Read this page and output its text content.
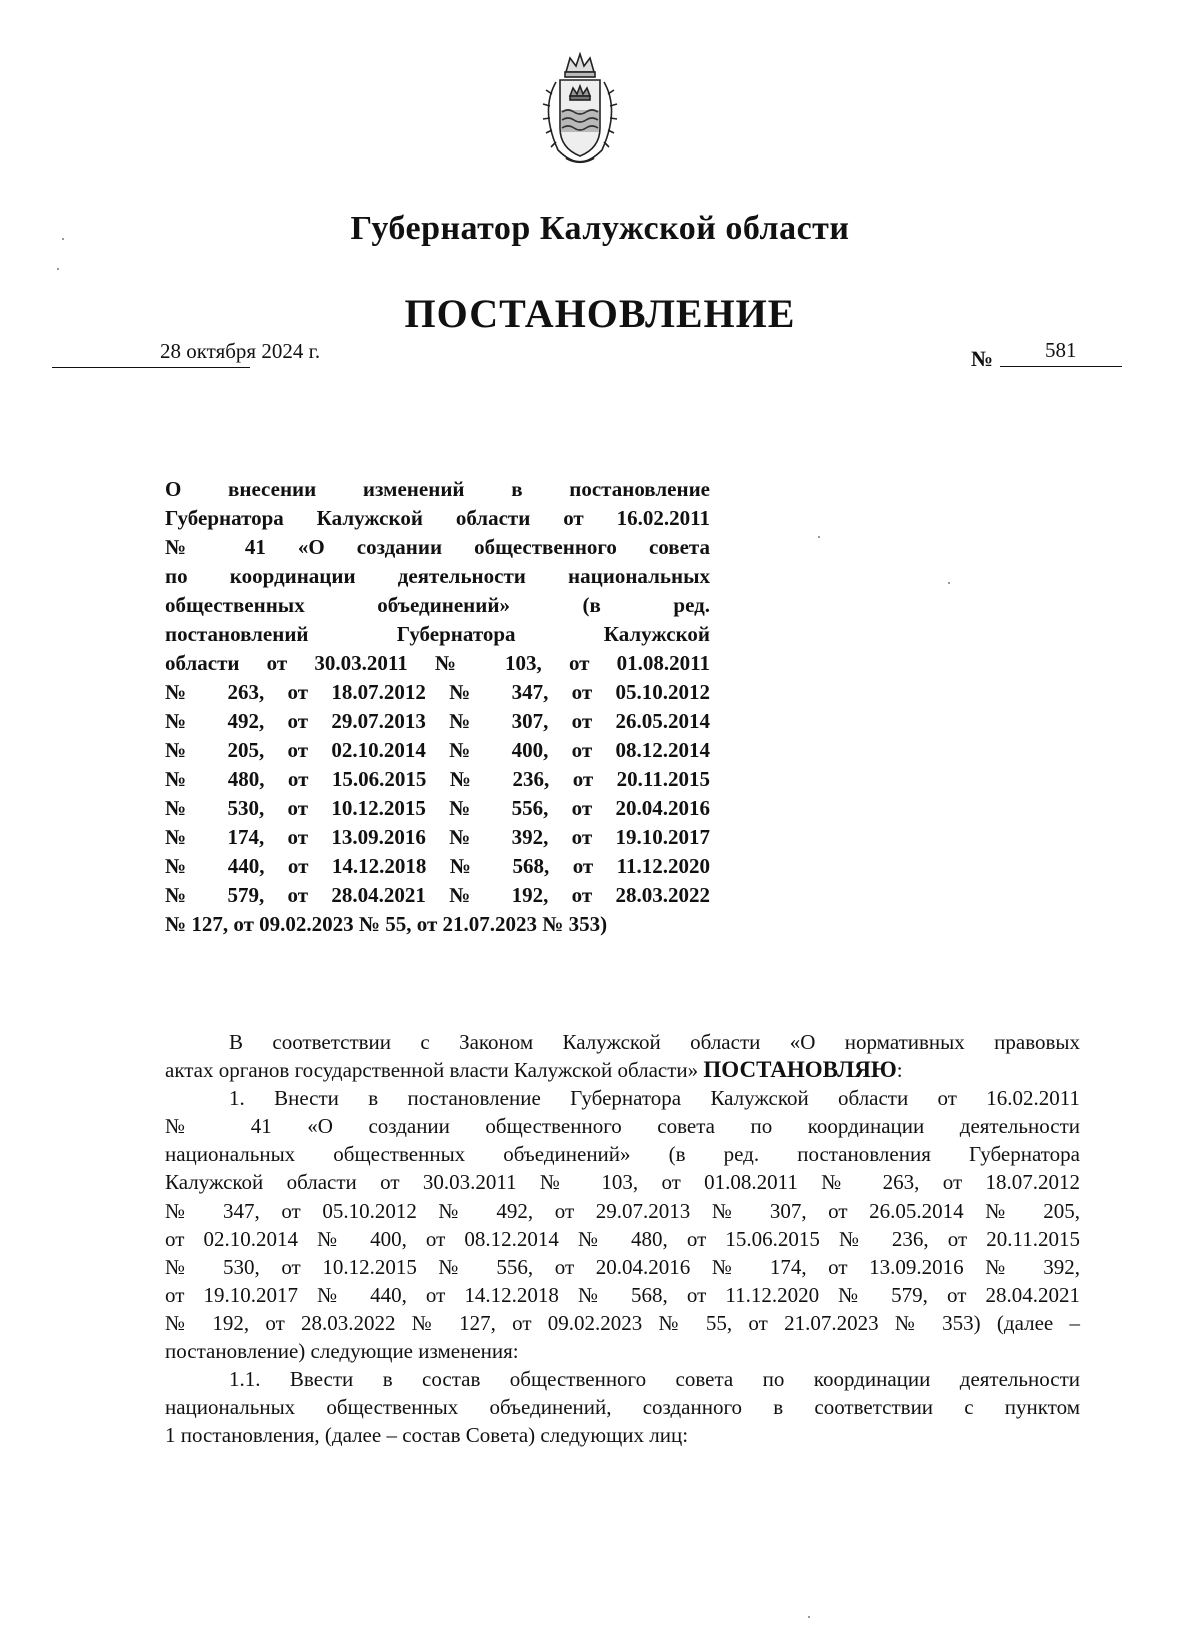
Губернатор Калужской области
ПОСТАНОВЛЕНИЕ
28 октября 2024 г.	№ 581

О внесении изменений в постановление

Губернатора Калужской области от 16.02.2011

№ 41 «О создании общественного совета

по координации деятельности национальных

общественных объединений» (в ред.

постановлений Губернатора Калужской

области от 30.03.2011 № 103, от 01.08.2011

№ 263, от 18.07.2012 № 347, от 05.10.2012

№ 492, от 29.07.2013 № 307, от 26.05.2014

№ 205, от 02.10.2014 № 400, от 08.12.2014

№ 480, от 15.06.2015 № 236, от 20.11.2015

№ 530, от 10.12.2015 № 556, от 20.04.2016

№ 174, от 13.09.2016 № 392, от 19.10.2017

№ 440, от 14.12.2018 № 568, от 11.12.2020

№ 579, от 28.04.2021 № 192, от 28.03.2022

№ 127, от 09.02.2023 № 55, от 21.07.2023 № 353)

В соответствии с Законом Калужской области «О нормативных правовых

актах органов государственной власти Калужской области» ПОСТАНОВЛЯЮ:

1. Внести в постановление Губернатора Калужской области от 16.02.2011

№ 41 «О создании общественного совета по координации деятельности

национальных общественных объединений» (в ред. постановления Губернатора

Калужской области от 30.03.2011 № 103, от 01.08.2011 № 263, от 18.07.2012

№ 347, от 05.10.2012 № 492, от 29.07.2013 № 307, от 26.05.2014 № 205,

от 02.10.2014 № 400, от 08.12.2014 № 480, от 15.06.2015 № 236, от 20.11.2015

№ 530, от 10.12.2015 № 556, от 20.04.2016 № 174, от 13.09.2016 № 392,

от 19.10.2017 № 440, от 14.12.2018 № 568, от 11.12.2020 № 579, от 28.04.2021

№ 192, от 28.03.2022 № 127, от 09.02.2023 № 55, от 21.07.2023 № 353) (далее –

постановление) следующие изменения:

1.1. Ввести в состав общественного совета по координации деятельности

национальных общественных объединений, созданного в соответствии с пунктом

1 постановления, (далее – состав Совета) следующих лиц:
